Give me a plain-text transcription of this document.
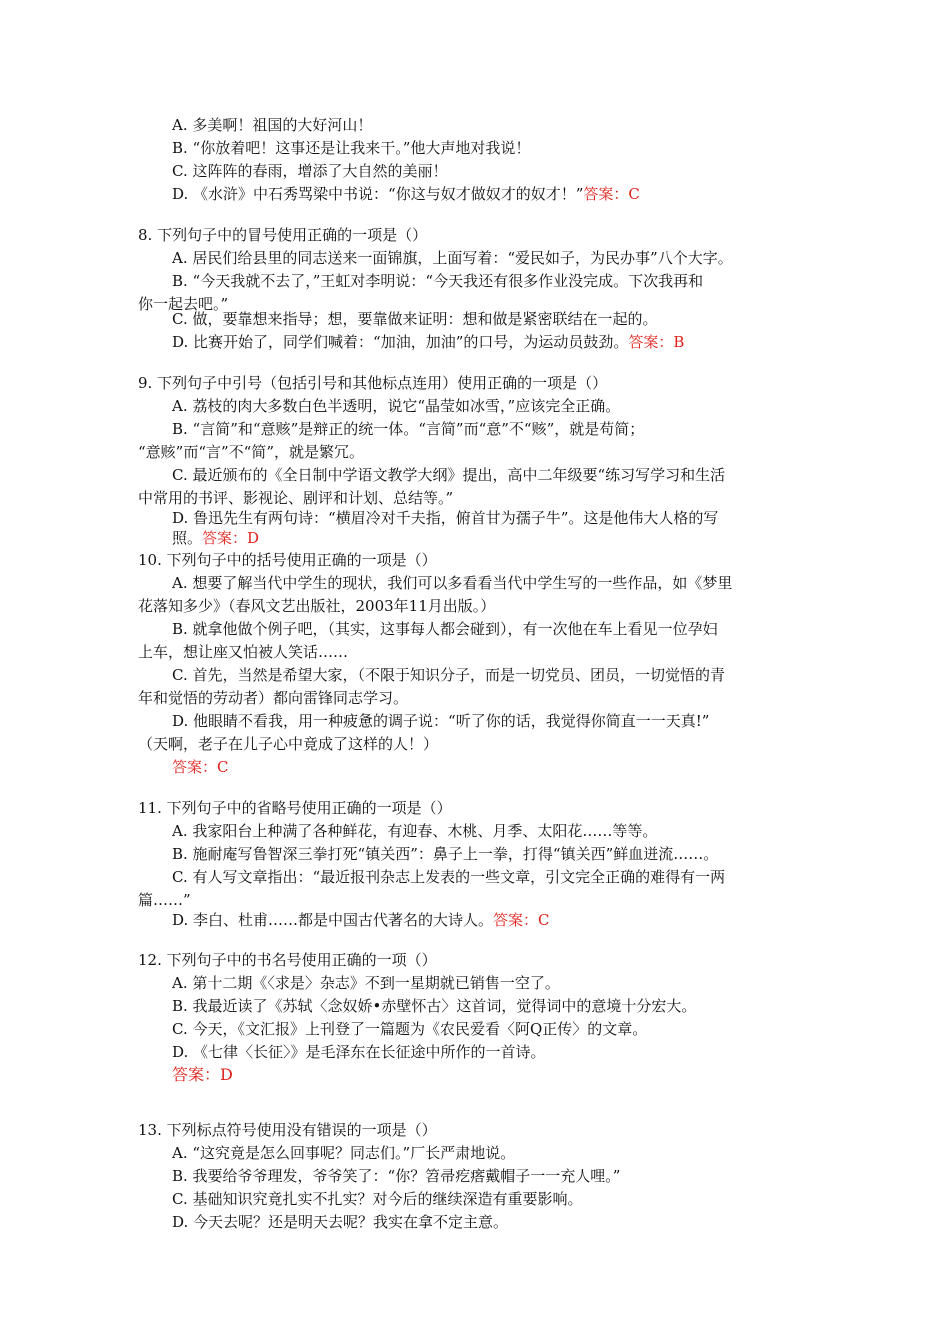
A. 多美啊！祖国的大好河山！
B. “你放着吧！这事还是让我来干。”他大声地对我说！
C. 这阵阵的春雨，增添了大自然的美丽！
D. 《水浒》中石秀骂梁中书说：“你这与奴才做奴才的奴才！”答案：C
8. 下列句子中的冒号使用正确的一项是（）
A. 居民们给县里的同志送来一面锦旗，上面写着：“爱民如子，为民办事”八个大字。
B. “今天我就不去了，”王虹对李明说：“今天我还有很多作业没完成。下次我再和
你一起去吧。”
C. 做，要靠想来指导；想，要靠做来证明：想和做是紧密联结在一起的。
D. 比赛开始了，同学们喊着：“加油，加油”的口号，为运动员鼓劲。答案：B
9. 下列句子中引号（包括引号和其他标点连用）使用正确的一项是（）
A. 荔枝的肉大多数白色半透明，说它“晶莹如冰雪，”应该完全正确。
B. “言简”和“意赅”是辩正的统一体。“言简”而“意”不“赅”，就是苟简；
“意赅”而“言”不“简”，就是繁冗。
C. 最近颁布的《全日制中学语文教学大纲》提出，高中二年级要“练习写学习和生活
中常用的书评、影视论、剧评和计划、总结等。”
D. 鲁迅先生有两句诗：“横眉冷对千夫指，俯首甘为孺子牛”。这是他伟大人格的写
照。答案：D
10. 下列句子中的括号使用正确的一项是（）
A. 想要了解当代中学生的现状，我们可以多看看当代中学生写的一些作品，如《梦里
花落知多少》（春风文艺出版社，2003年11月出版。）
B. 就拿他做个例子吧，（其实，这事每人都会碰到），有一次他在车上看见一位孕妇
上车，想让座又怕被人笑话……
C. 首先，当然是希望大家，（不限于知识分子，而是一切党员、团员，一切觉悟的青
年和觉悟的劳动者）都向雷锋同志学习。
D. 他眼睛不看我，用一种疲惫的调子说：“听了你的话，我觉得你简直一一天真!”
（天啊，老子在儿子心中竟成了这样的人！）
答案：C
11. 下列句子中的省略号使用正确的一项是（）
A. 我家阳台上种满了各种鲜花，有迎春、木桃、月季、太阳花……等等。
B. 施耐庵写鲁智深三拳打死“镇关西”：鼻子上一拳，打得“镇关西”鲜血迸流……。
C. 有人写文章指出：“最近报刊杂志上发表的一些文章，引文完全正确的难得有一两
篇……”
D. 李白、杜甫……都是中国古代著名的大诗人。答案：C
12. 下列句子中的书名号使用正确的一项（）
A. 第十二期《〈求是〉杂志》不到一星期就已销售一空了。
B. 我最近读了《苏轼〈念奴娇•赤壁怀古〉这首词，觉得词中的意境十分宏大。
C. 今天，《文汇报》上刊登了一篇题为《农民爱看〈阿Q正传〉的文章。
D. 《七律〈长征〉》是毛泽东在长征途中所作的一首诗。
答案：D
13. 下列标点符号使用没有错误的一项是（）
A. “这究竟是怎么回事呢？同志们。”厂长严肃地说。
B. 我要给爷爷理发，爷爷笑了：“你？笤帚疙瘩戴帽子一一充人哩。”
C. 基础知识究竟扎实不扎实？对今后的继续深造有重要影响。
D. 今天去呢？还是明天去呢？我实在拿不定主意。
